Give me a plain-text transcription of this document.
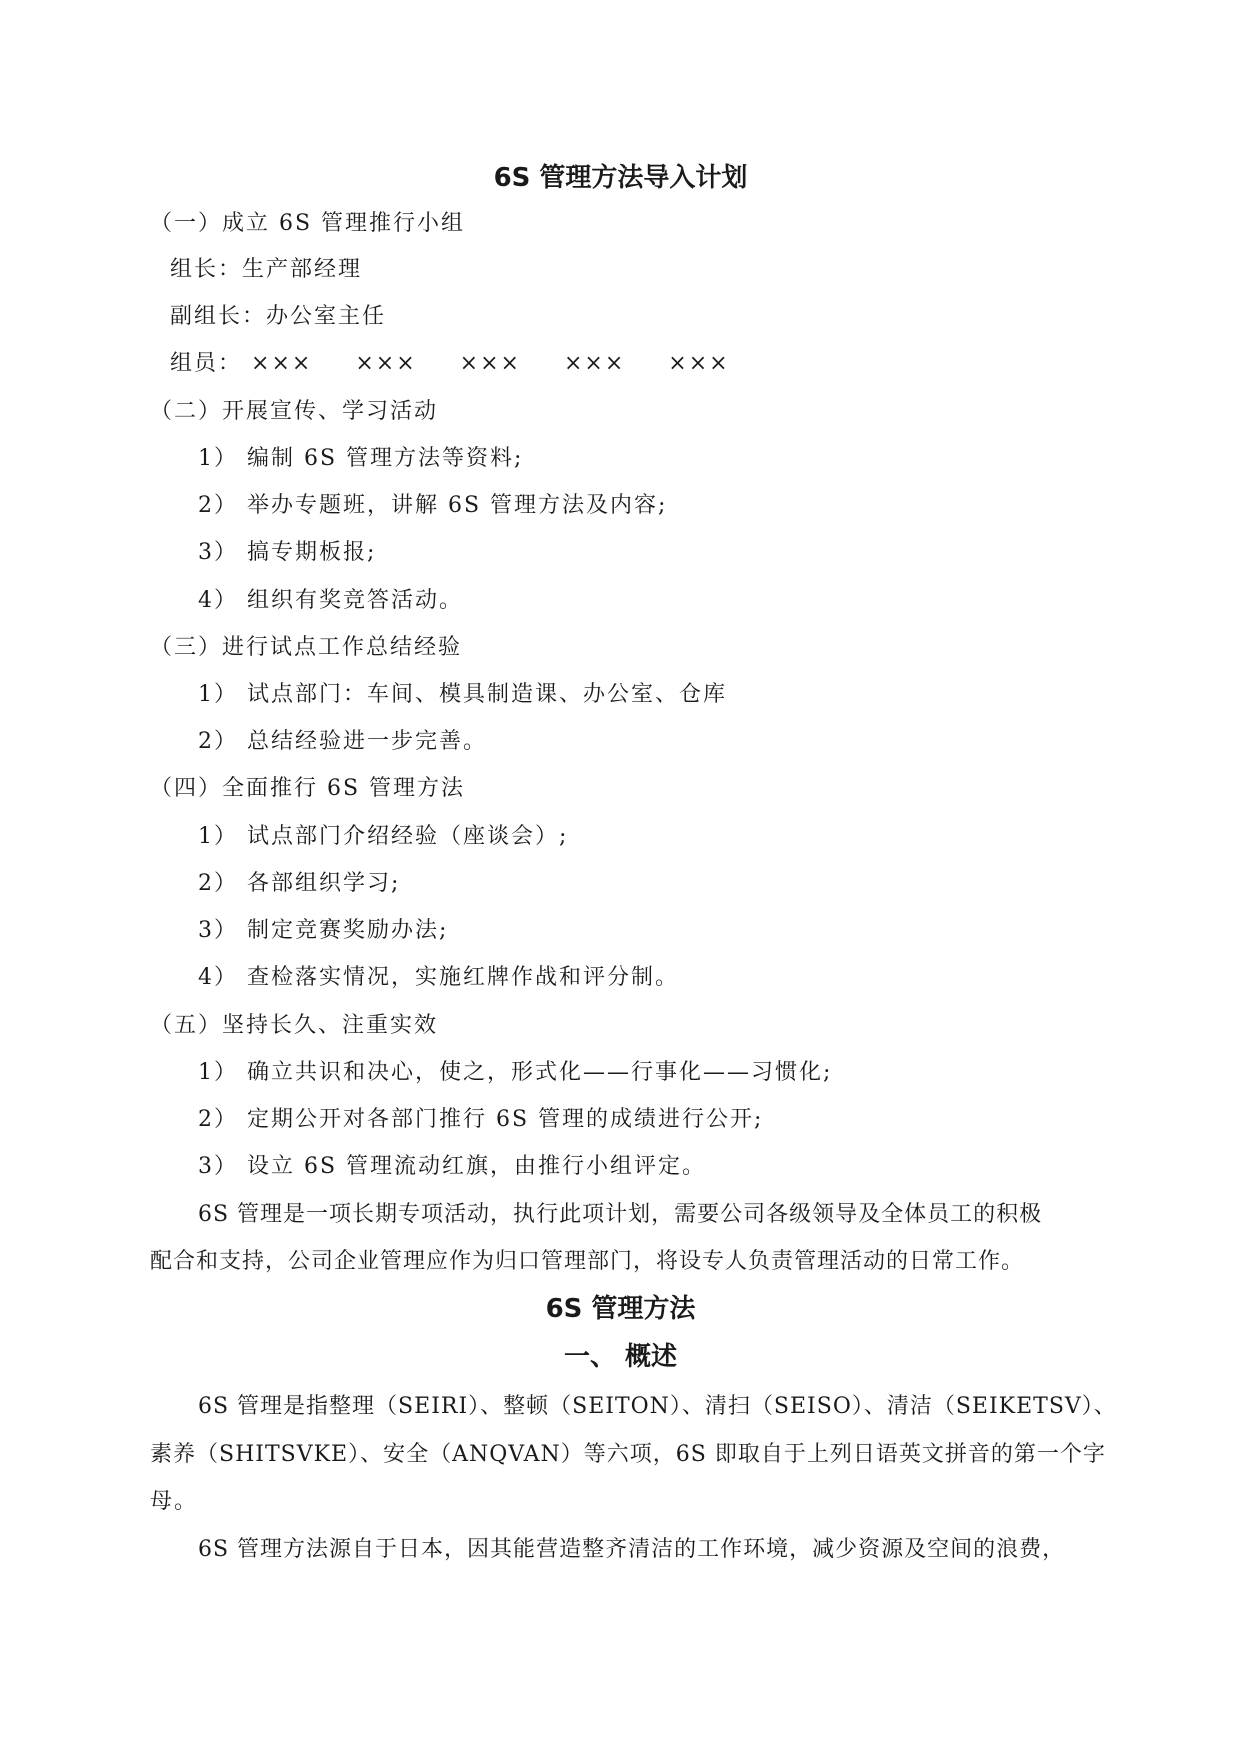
6S 管理方法导入计划

（一）成立 6S 管理推行小组

组长：生产部经理

副组长：办公室主任

组员： ××× ××× ××× ××× ×××

（二）开展宣传、学习活动

1） 编制 6S 管理方法等资料;

2） 举办专题班，讲解 6S 管理方法及内容;

3） 搞专期板报;

4） 组织有奖竞答活动。

（三）进行试点工作总结经验

1） 试点部门：车间、模具制造课、办公室、仓库

2） 总结经验进一步完善。

（四）全面推行 6S 管理方法

1） 试点部门介绍经验（座谈会）;

2） 各部组织学习;

3） 制定竞赛奖励办法;

4） 查检落实情况，实施红牌作战和评分制。

（五）坚持长久、注重实效

1） 确立共识和决心，使之，形式化——行事化——习惯化;

2） 定期公开对各部门推行 6S 管理的成绩进行公开;

3） 设立 6S 管理流动红旗，由推行小组评定。

6S 管理是一项长期专项活动，执行此项计划，需要公司各级领导及全体员工的积极

配合和支持，公司企业管理应作为归口管理部门，将设专人负责管理活动的日常工作。

6S 管理方法
一、 概述

6S 管理是指整理（SEIRI）、整顿（SEITON）、清扫（SEISO）、清洁（SEIKETSV）、

素养（SHITSVKE）、安全（ANQVAN）等六项，6S 即取自于上列日语英文拼音的第一个字

母。

6S 管理方法源自于日本，因其能营造整齐清洁的工作环境，减少资源及空间的浪费，
